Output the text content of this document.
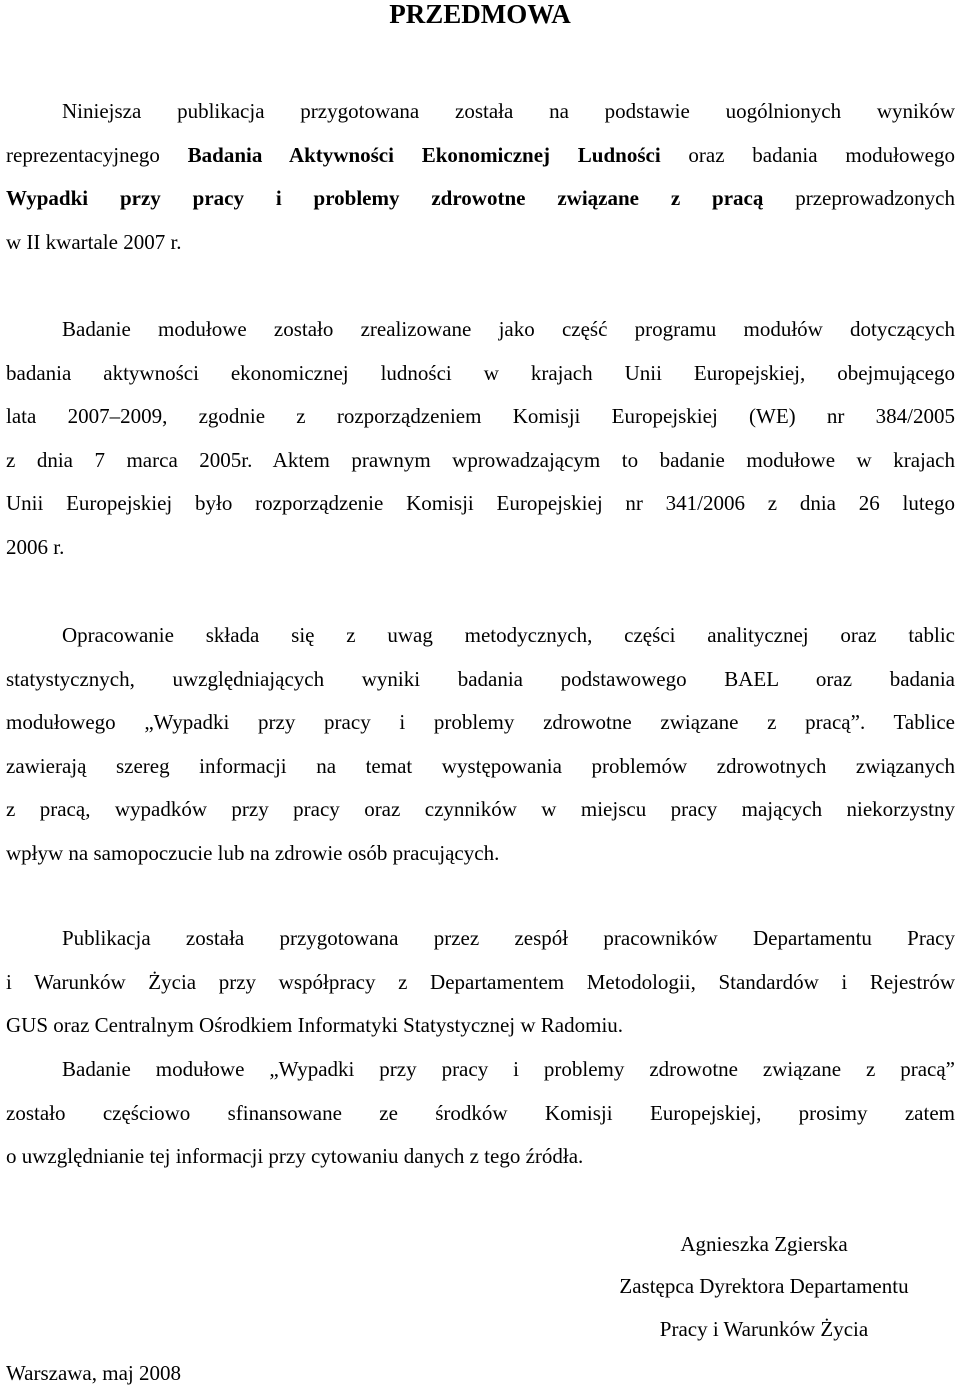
PRZEDMOWA
Niniejsza publikacja przygotowana została na podstawie uogólnionych wyników
reprezentacyjnego Badania Aktywności Ekonomicznej Ludności oraz badania modułowego
Wypadki przy pracy i problemy zdrowotne związane z pracą przeprowadzonych
w II kwartale 2007 r.
Badanie modułowe zostało zrealizowane jako część programu modułów dotyczących
badania aktywności ekonomicznej ludności w krajach Unii Europejskiej, obejmującego
lata 2007–2009, zgodnie z rozporządzeniem Komisji Europejskiej (WE) nr 384/2005
z dnia 7 marca 2005r. Aktem prawnym wprowadzającym to badanie modułowe w krajach
Unii Europejskiej było rozporządzenie Komisji Europejskiej nr 341/2006 z dnia 26 lutego
2006 r.
Opracowanie składa się z uwag metodycznych, części analitycznej oraz tablic
statystycznych, uwzględniających wyniki badania podstawowego BAEL oraz badania
modułowego „Wypadki przy pracy i problemy zdrowotne związane z pracą”. Tablice
zawierają szereg informacji na temat występowania problemów zdrowotnych związanych
z pracą, wypadków przy pracy oraz czynników w miejscu pracy mających niekorzystny
wpływ na samopoczucie lub na zdrowie osób pracujących.
Publikacja została przygotowana przez zespół pracowników Departamentu Pracy
i Warunków Życia przy współpracy z Departamentem Metodologii, Standardów i Rejestrów
GUS oraz Centralnym Ośrodkiem Informatyki Statystycznej w Radomiu.
Badanie modułowe „Wypadki przy pracy i problemy zdrowotne związane z pracą”
zostało częściowo sfinansowane ze środków Komisji Europejskiej, prosimy zatem
o uwzględnianie tej informacji przy cytowaniu danych z tego źródła.
Agnieszka Zgierska
Zastępca Dyrektora Departamentu
Pracy i Warunków Życia
Warszawa, maj 2008
